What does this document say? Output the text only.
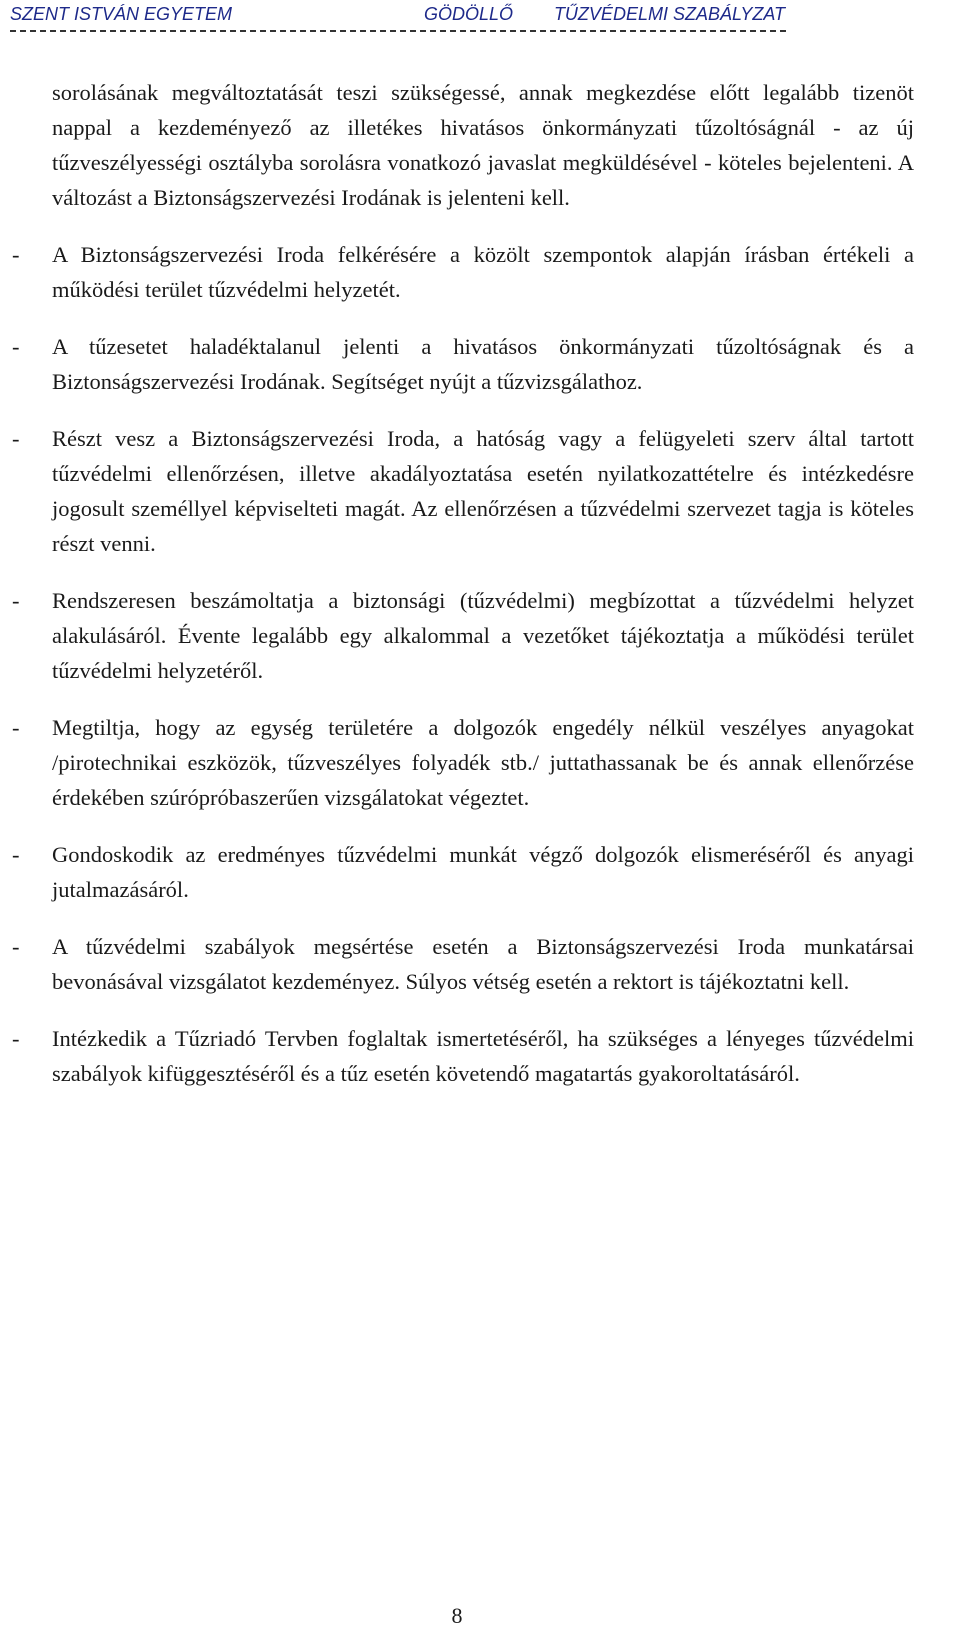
SZENT ISTVÁN EGYETEM	GÖDÖLLŐ TŰZVÉDELMI SZABÁLYZAT

sorolásának megváltoztatását teszi szükségessé, annak megkezdése előtt legalább tizenöt nappal a kezdeményező az illetékes hivatásos önkormányzati tűzoltóságnál - az új tűzveszélyességi osztályba sorolásra vonatkozó javaslat megküldésével - köteles bejelenteni. A változást a Biztonságszervezési Irodának is jelenteni kell.

-	A Biztonságszervezési Iroda felkérésére a közölt szempontok alapján írásban értékeli a működési terület tűzvédelmi helyzetét.
-	A tűzesetet haladéktalanul jelenti a hivatásos önkormányzati tűzoltóságnak és a Biztonságszervezési Irodának. Segítséget nyújt a tűzvizsgálathoz.
-	Részt vesz a Biztonságszervezési Iroda, a hatóság vagy a felügyeleti szerv által tartott tűzvédelmi ellenőrzésen, illetve akadályoztatása esetén nyilatkozattételre és intézkedésre jogosult személlyel képviselteti magát. Az ellenőrzésen a tűzvédelmi szervezet tagja is köteles részt venni.
-	Rendszeresen beszámoltatja a biztonsági (tűzvédelmi) megbízottat a tűzvédelmi helyzet alakulásáról. Évente legalább egy alkalommal a vezetőket tájékoztatja a működési terület tűzvédelmi helyzetéről.
-	Megtiltja, hogy az egység területére a dolgozók engedély nélkül veszélyes anyagokat /pirotechnikai eszközök, tűzveszélyes folyadék stb./ juttathassanak be és annak ellenőrzése érdekében szúrópróbaszerűen vizsgálatokat végeztet.
-	Gondoskodik az eredményes tűzvédelmi munkát végző dolgozók elismeréséről és anyagi jutalmazásáról.
-	A tűzvédelmi szabályok megsértése esetén a Biztonságszervezési Iroda munkatársai bevonásával vizsgálatot kezdeményez. Súlyos vétség esetén a rektort is tájékoztatni kell.
-	Intézkedik a Tűzriadó Tervben foglaltak ismertetéséről, ha szükséges a lényeges tűzvédelmi szabályok kifüggesztéséről és a tűz esetén követendő magatartás gyakoroltatásáról.
8
